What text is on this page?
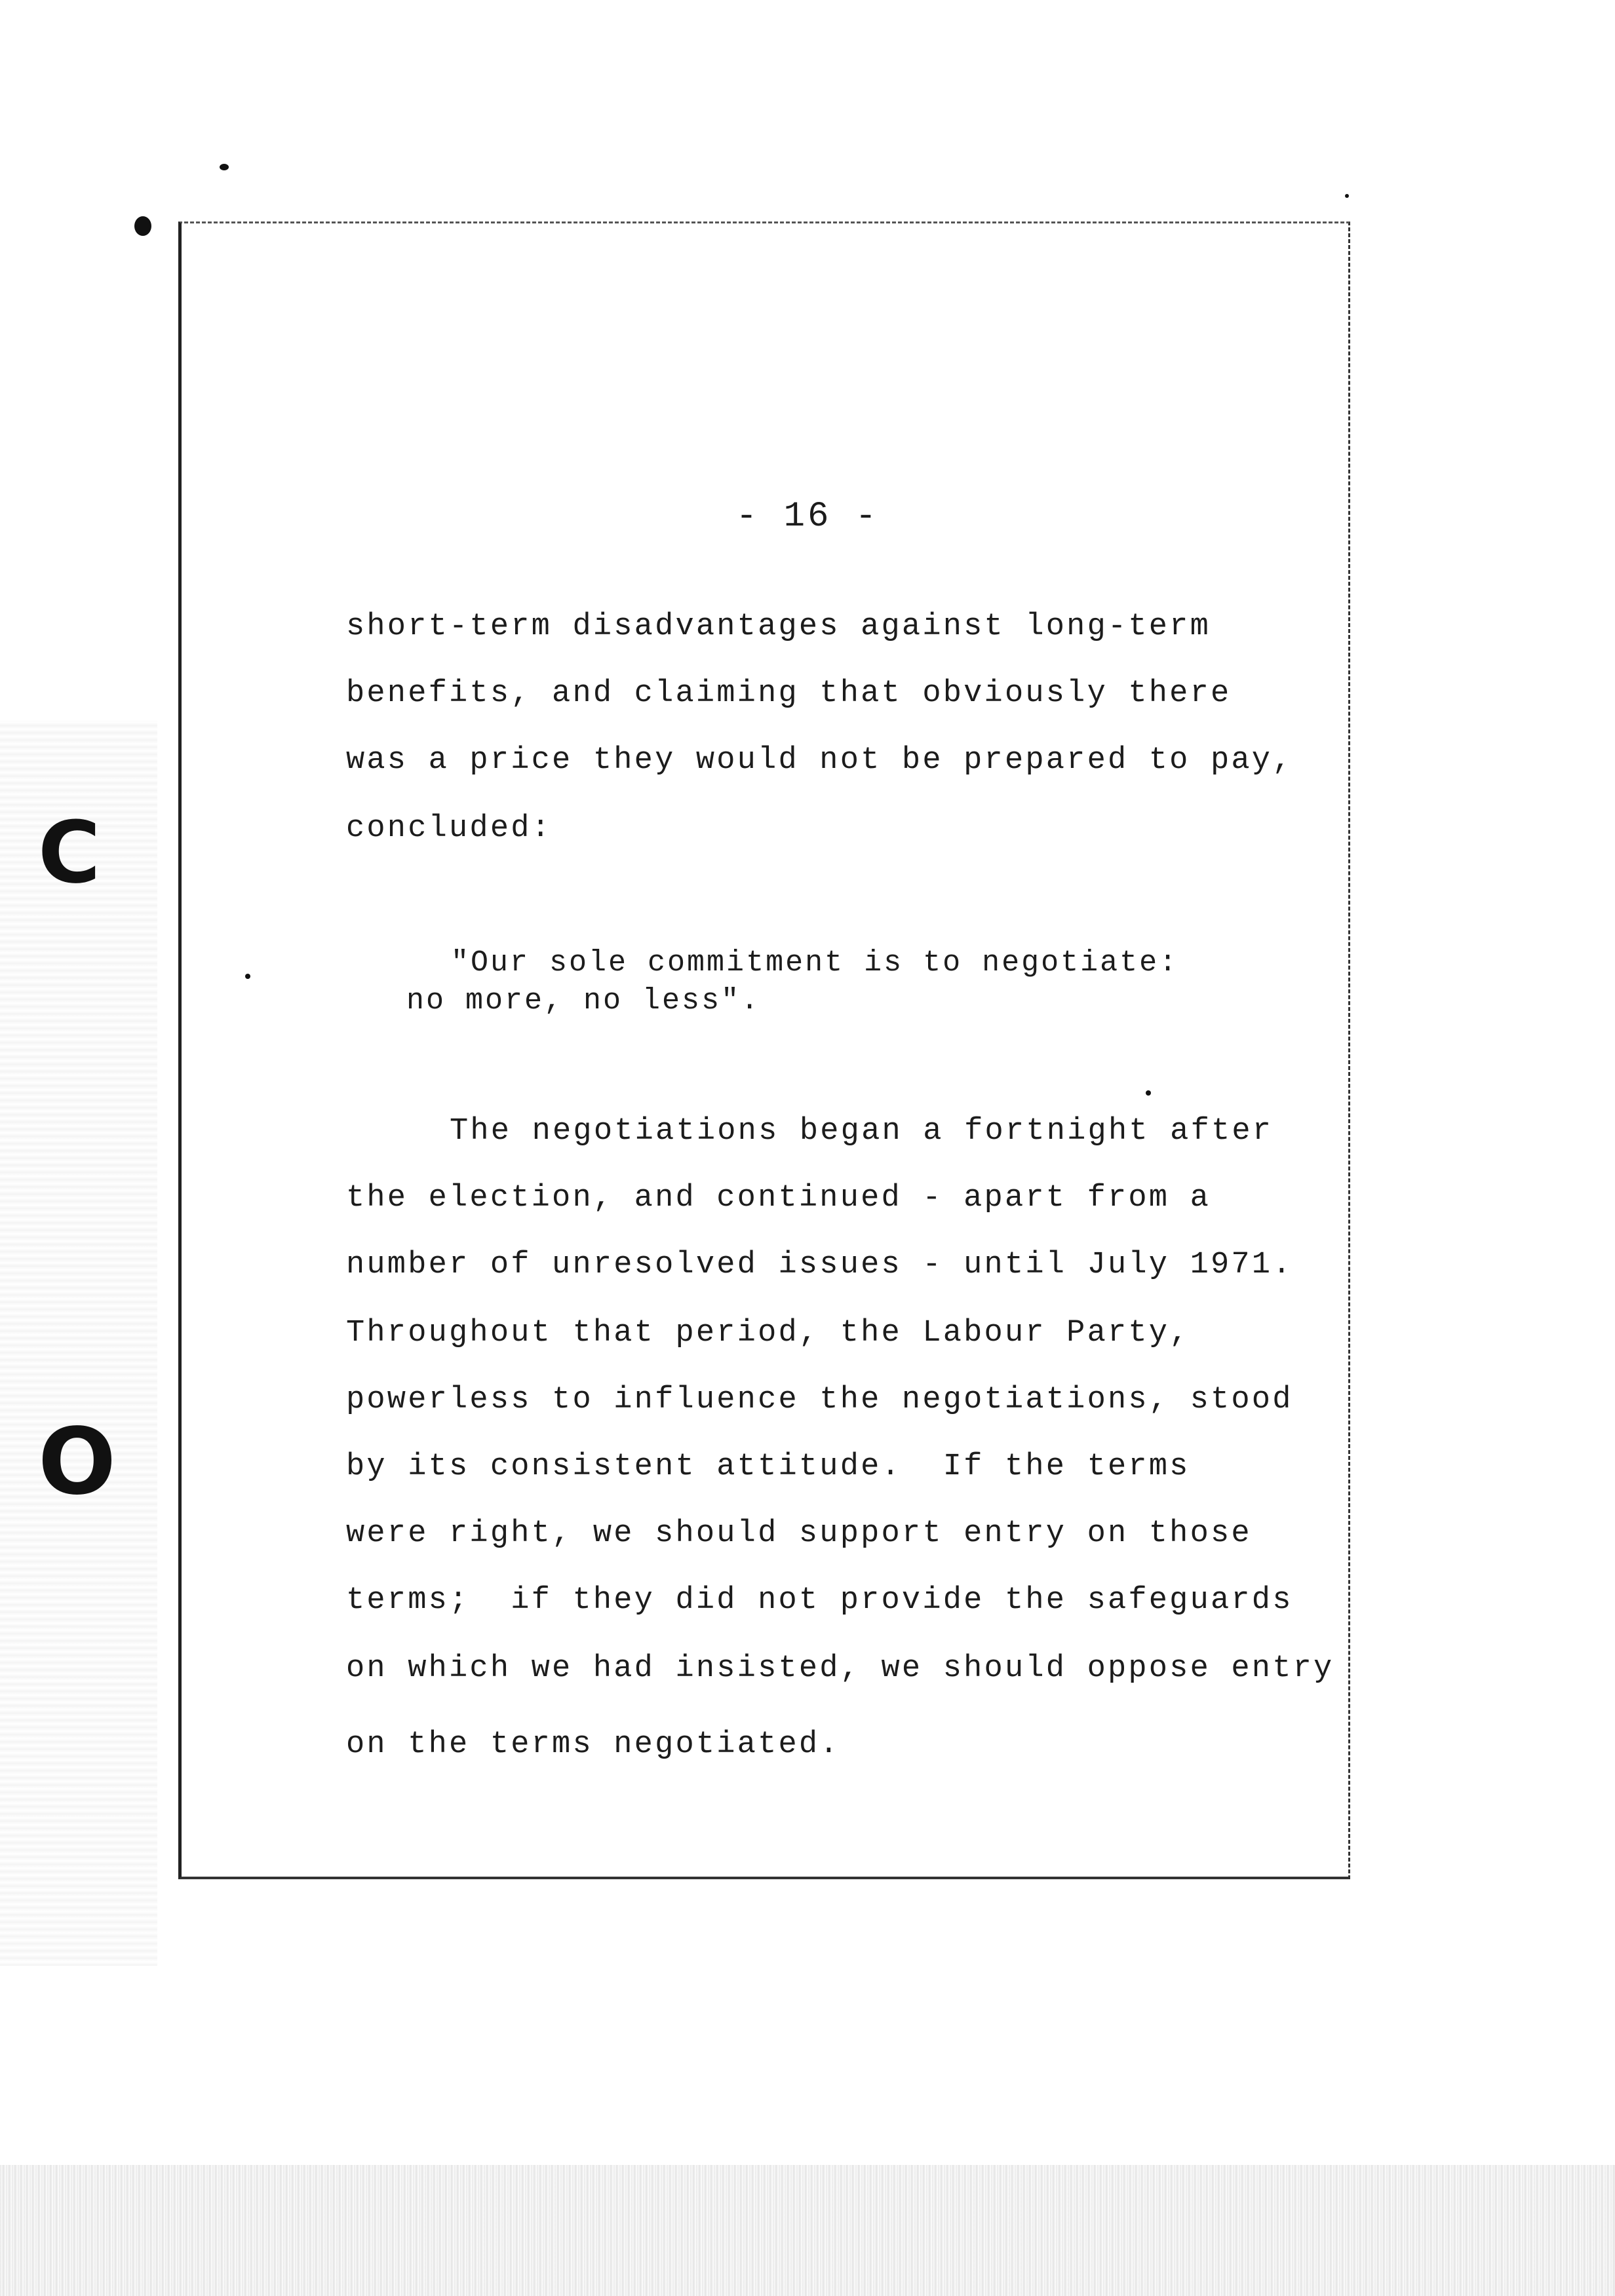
C
O
- 16 -
short-term disadvantages against long-term
benefits, and claiming that obviously there
was a price they would not be prepared to pay,
concluded:
"Our sole commitment is to negotiate:
no more, no less".
The negotiations began a fortnight after
the election, and continued - apart from a
number of unresolved issues - until July 1971.
Throughout that period, the Labour Party,
powerless to influence the negotiations, stood
by its consistent attitude.  If the terms
were right, we should support entry on those
terms;  if they did not provide the safeguards
on which we had insisted, we should oppose entry
on the terms negotiated.
